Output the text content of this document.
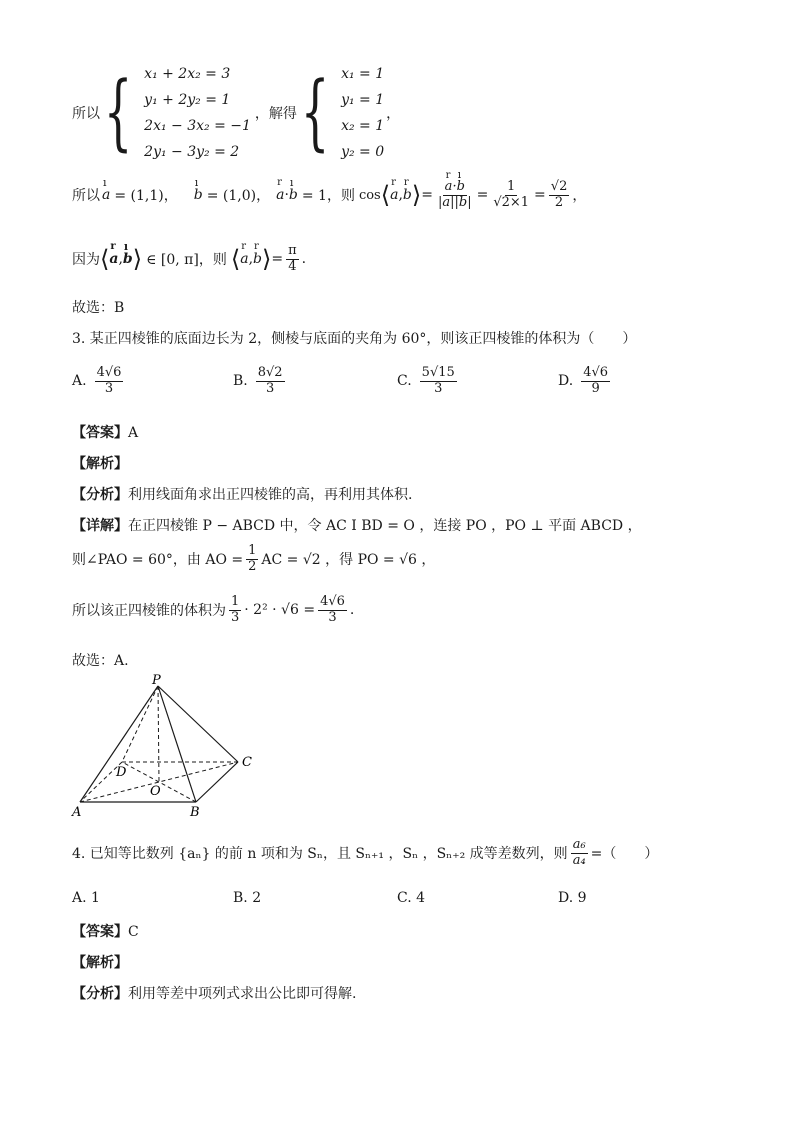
所以 { x₁ + 2x₂ = 3
y₁ + 2y₂ = 1
2x₁ − 3x₂ = −1
2y₁ − 3y₂ = 2
，解得 { x₁ = 1
y₁ = 1
x₂ = 1
y₂ = 0
，
所以 ı a = (1,1)， ı b = (1,0)， r a · ı b = 1，则 cos ⟨ r a , r b ⟩ = r $\frac{\text{a·ı b}}{|a||b|} = \frac{1}{√2\times 1} = \frac{√2}{2}$ ，
因为 ⟨ r a , ı b ⟩ ∈ [0, π]，则 ⟨ r a , r b ⟩ = $\frac{\pi}{4}$ .
故选：B
3. 某正四棱锥的底面边长为 2，侧棱与底面的夹角为 60°，则该正四棱锥的体积为（　　）
A. $\frac{4√6}{3}$	B. $\frac{8√2}{3}$	C. $\frac{5√15}{3}$	D. $\frac{4√6}{9}$
【答案】A
【解析】
【分析】利用线面角求出正四棱锥的高，再利用其体积.
【详解】在正四棱锥 P − ABCD 中，令 AC I BD = O ，连接 PO ，PO ⊥ 平面 ABCD ，
则∠PAO = 60°，由 AO = $\frac{1}{2}$ AC = √2 ，得 PO = √6 ，
所以该正四棱锥的体积为 $\frac{1}{3} \cdot 2^2 \cdot √6 = \frac{4√6}{3}$ .
故选：A.
P
A	B
C
D
O
4. 已知等比数列 {aₙ} 的前 n 项和为 Sₙ，且 Sₙ₊₁ ，Sₙ ，Sₙ₊₂ 成等差数列，则 $\frac{\text{a₆}}{\text{a₄}}$ =（　　）
A. 1	B. 2	C. 4	D. 9
【答案】C
【解析】
【分析】利用等差中项列式求出公比即可得解.
